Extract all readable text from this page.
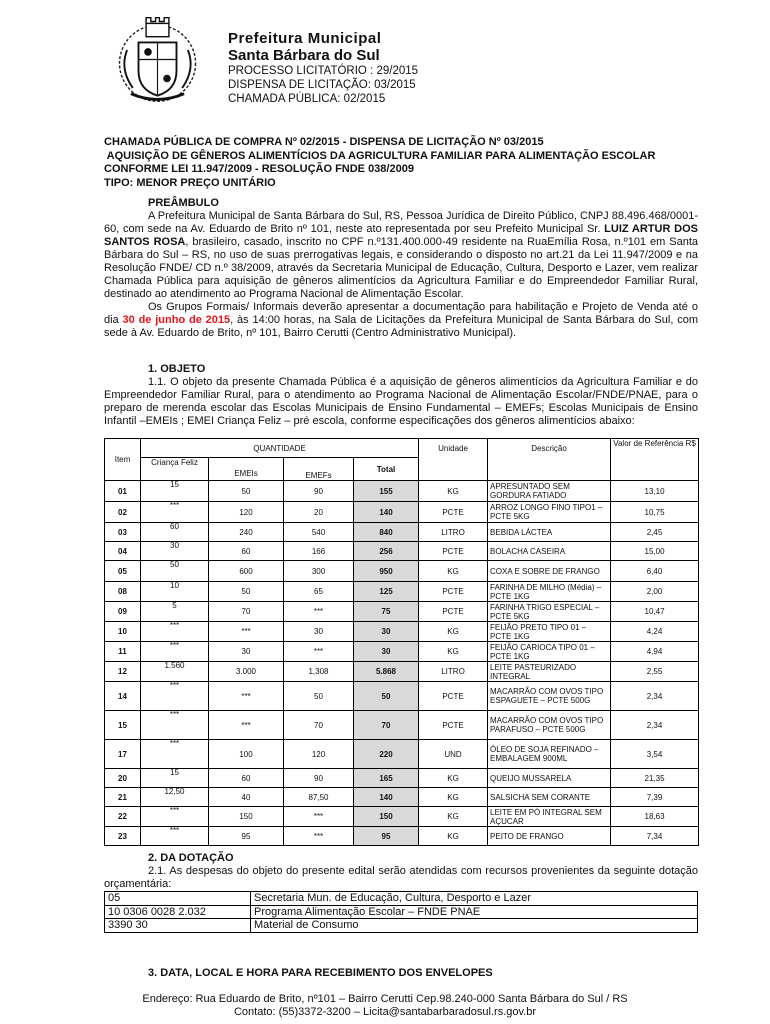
Prefeitura Municipal
Santa Bárbara do Sul
PROCESSO LICITATÓRIO : 29/2015
DISPENSA DE LICITAÇÃO: 03/2015
CHAMADA PÚBLICA: 02/2015
CHAMADA PÚBLICA DE COMPRA Nº 02/2015 - DISPENSA DE LICITAÇÃO Nº 03/2015
AQUISIÇÃO DE GÊNEROS ALIMENTÍCIOS DA AGRICULTURA FAMILIAR PARA ALIMENTAÇÃO ESCOLAR
CONFORME LEI 11.947/2009 - RESOLUÇÃO FNDE 038/2009
TIPO: MENOR PREÇO UNITÁRIO

PREÂMBULO

A Prefeitura Municipal de Santa Bárbara do Sul, RS, Pessoa Jurídica de Direito Público, CNPJ 88.496.468/0001-60, com sede na Av. Eduardo de Brito nº 101, neste ato representada por seu Prefeito Municipal Sr. LUIZ ARTUR DOS SANTOS ROSA, brasileiro, casado, inscrito no CPF n.º131.400.000-49 residente na RuaEmília Rosa, n.º101 em Santa Bárbara do Sul – RS, no uso de suas prerrogativas legais, e considerando o disposto no art.21 da Lei 11.947/2009 e na Resolução FNDE/ CD n.º 38/2009, através da Secretaria Municipal de Educação, Cultura, Desporto e Lazer, vem realizar Chamada Pública para aquisição de gêneros alimentícios da Agricultura Familiar e do Empreendedor Familiar Rural, destinado ao atendimento ao Programa Nacional de Alimentação Escolar.

Os Grupos Formais/ Informais deverão apresentar a documentação para habilitação e Projeto de Venda até o dia 30 de junho de 2015, às 14:00 horas, na Sala de Licitações da Prefeitura Municipal de Santa Bárbara do Sul, com sede à Av. Eduardo de Brito, nº 101, Bairro Cerutti (Centro Administrativo Municipal).

1. OBJETO

1.1. O objeto da presente Chamada Pública é a aquisição de gêneros alimentícios da Agricultura Familiar e do Empreendedor Familiar Rural, para o atendimento ao Programa Nacional de Alimentação Escolar/FNDE/PNAE, para o preparo de merenda escolar das Escolas Municipais de Ensino Fundamental – EMEFs; Escolas Municipais de Ensino Infantil –EMEIs ; EMEI Criança Feliz – pré escola, conforme especificações dos gêneros alimentícios abaixo:

Item	QUANTIDADE				Unidade	Descrição	Valor de Referência R$
	Criança Feliz			Total			
		EMEIs	EMEFs				
01	15	50	90	155	KG	APRESUNTADO SEM GORDURA FATIADO	13,10
02	***	120	20	140	PCTE	ARROZ LONGO FINO TIPO1 – PCTE 5KG	10,75
03	60	240	540	840	LITRO	BEBIDA LÁCTEA	2,45
04	30	60	166	256	PCTE	BOLACHA CASEIRA	15,00
05	50	600	300	950	KG	COXA E SOBRE DE FRANGO	6,40
08	10	50	65	125	PCTE	FARINHA DE MILHO (Média) – PCTE 1KG	2,00
09	5	70	***	75	PCTE	FARINHA TRIGO ESPECIAL – PCTE 5KG	10,47
10	***	***	30	30	KG	FEIJÃO PRETO TIPO 01 – PCTE 1KG	4,24
11	***	30	***	30	KG	FEIJÃO CARIOCA TIPO 01 – PCTE 1KG	4,94
12	1.560	3.000	1,308	5.868	LITRO	LEITE PASTEURIZADO INTEGRAL	2,55
14	***	***	50	50	PCTE	MACARRÃO COM OVOS TIPO ESPAGUETE – PCTE 500G	2,34
15	***	***	70	70	PCTE	MACARRÃO COM OVOS TIPO PARAFUSO – PCTE 500G	2,34
17	***	100	120	220	UND	ÓLEO DE SOJA REFINADO – EMBALAGEM 900ML	3,54
20	15	60	90	165	KG	QUEIJO MUSSARELA	21,35
21	12,50	40	87,50	140	KG	SALSICHA SEM CORANTE	7,39
22	***	150	***	150	KG	LEITE EM PÓ INTEGRAL SEM AÇUCAR	18,63
23	***	95	***	95	KG	PEITO DE FRANGO	7,34

2. DA DOTAÇÃO

2.1. As despesas do objeto do presente edital serão atendidas com recursos provenientes da seguinte dotação orçamentária:

05	Secretaria Mun. de Educação, Cultura, Desporto e Lazer
10 0306 0028 2.032	Programa Alimentação Escolar – FNDE PNAE
3390 30	Material de Consumo
3. DATA, LOCAL E HORA PARA RECEBIMENTO DOS ENVELOPES
Endereço: Rua Eduardo de Brito, nº101 – Bairro Cerutti Cep.98.240-000 Santa Bárbara do Sul / RS
Contato: (55)3372-3200 – Licita@santabarbaradosul.rs.gov.br
